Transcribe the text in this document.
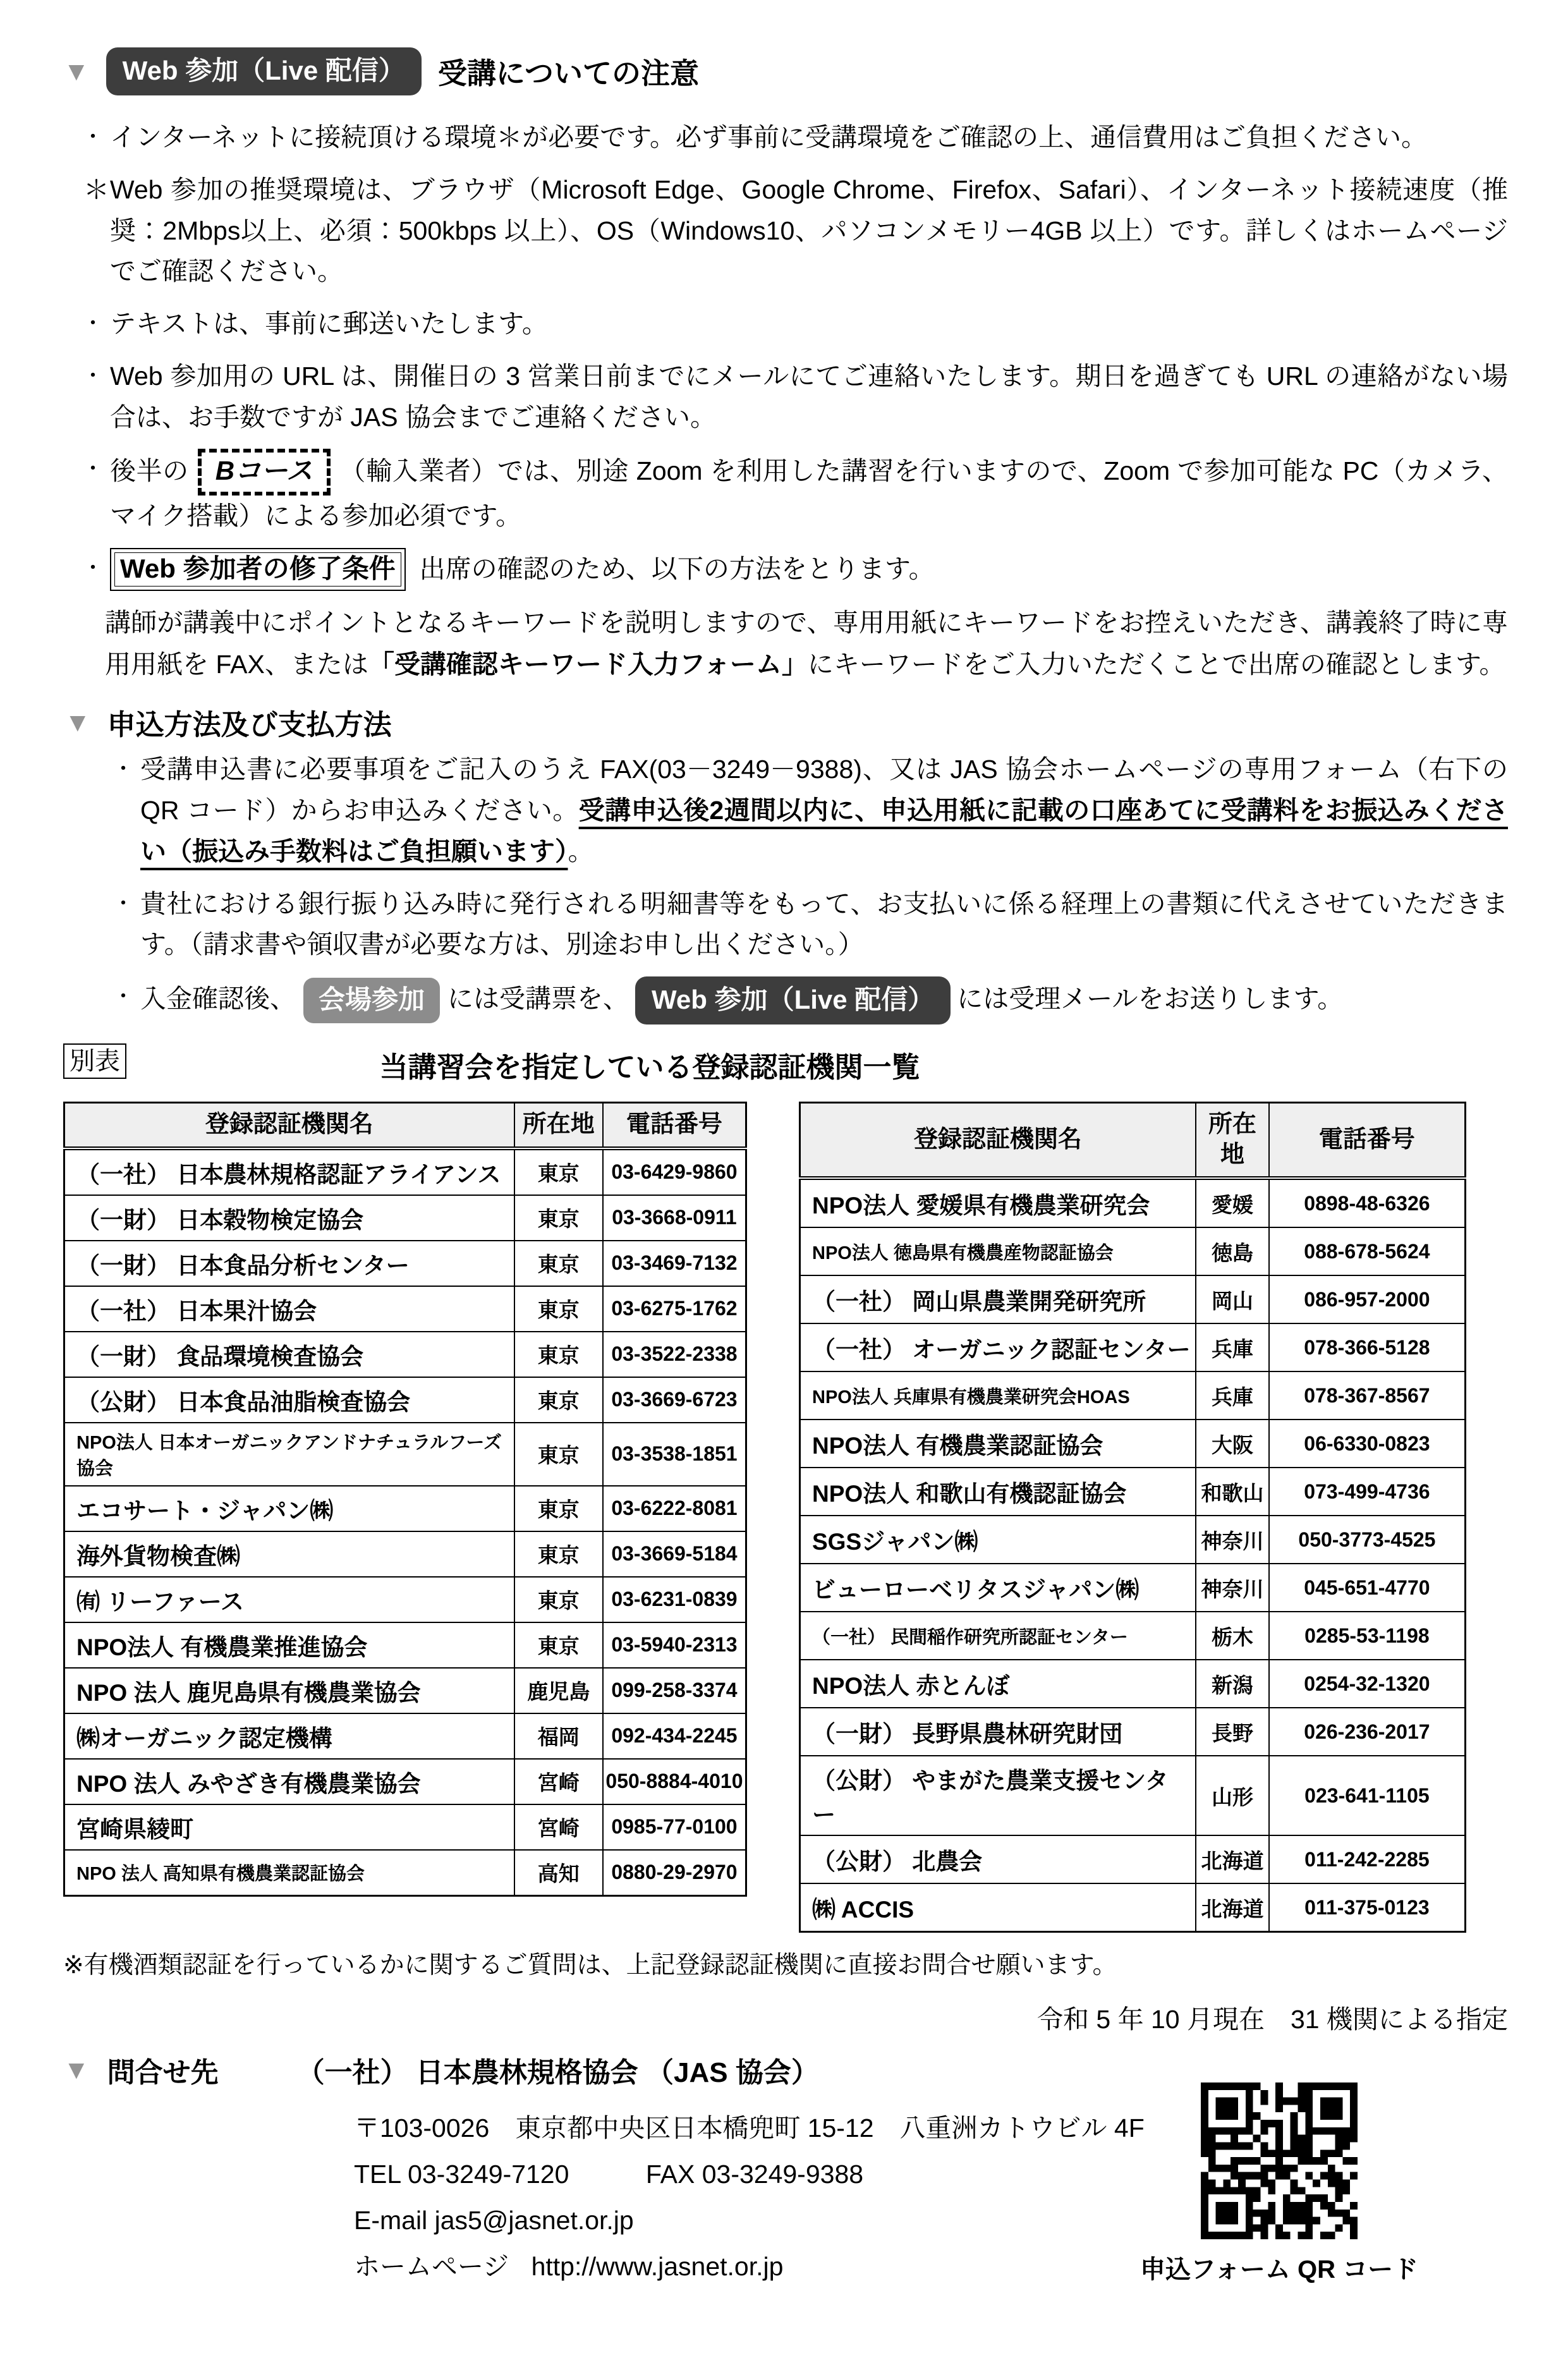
▼	Web 参加（Live 配信）	受講についての注意
・ インターネットに接続頂ける環境＊が必要です。必ず事前に受講環境をご確認の上、通信費用はご負担ください。
＊Web 参加の推奨環境は、ブラウザ（Microsoft Edge、Google Chrome、Firefox、Safari）、インターネット接続速度（推奨：2Mbps以上、必須：500kbps 以上）、OS（Windows10、パソコンメモリー4GB 以上）です。詳しくはホームページでご確認ください。
・ テキストは、事前に郵送いたします。
・ Web 参加用の URL は、開催日の 3 営業日前までにメールにてご連絡いたします。期日を過ぎても URL の連絡がない場合は、お手数ですが JAS 協会までご連絡ください。
・ 後半の Bコース （輸入業者）では、別途 Zoom を利用した講習を行いますので、Zoom で参加可能な PC（カメラ、マイク搭載）による参加必須です。
・ Web 参加者の修了条件 出席の確認のため、以下の方法をとります。

講師が講義中にポイントとなるキーワードを説明しますので、専用用紙にキーワードをお控えいただき、講義終了時に専用用紙を FAX、または「受講確認キーワード入力フォーム」にキーワードをご入力いただくことで出席の確認とします。

▼ 申込方法及び支払方法
・ 受講申込書に必要事項をご記入のうえ FAX(03－3249－9388)、又は JAS 協会ホームページの専用フォーム（右下の QR コード）からお申込みください。受講申込後2週間以内に、申込用紙に記載の口座あてに受講料をお振込みください（振込み手数料はご負担願います）。
・ 貴社における銀行振り込み時に発行される明細書等をもって、お支払いに係る経理上の書類に代えさせていただきます。（請求書や領収書が必要な方は、別途お申し出ください。）
・ 入金確認後、 会場参加 には受講票を、 Web 参加（Live 配信） には受理メールをお送りします。
別表	当講習会を指定している登録認証機関一覧
登録認証機関名	所在地	電話番号
（一社） 日本農林規格認証アライアンス	東京	03-6429-9860
（一財） 日本穀物検定協会	東京	03-3668-0911
（一財） 日本食品分析センター	東京	03-3469-7132
（一社） 日本果汁協会	東京	03-6275-1762
（一財） 食品環境検査協会	東京	03-3522-2338
（公財） 日本食品油脂検査協会	東京	03-3669-6723
NPO法人 日本オーガニックアンドナチュラルフーズ協会	東京	03-3538-1851
エコサート・ジャパン㈱	東京	03-6222-8081
海外貨物検査㈱	東京	03-3669-5184
㈲ リーファース	東京	03-6231-0839
NPO法人 有機農業推進協会	東京	03-5940-2313
NPO 法人 鹿児島県有機農業協会	鹿児島	099-258-3374
㈱オーガニック認定機構	福岡	092-434-2245
NPO 法人 みやざき有機農業協会	宮崎	050-8884-4010
宮崎県綾町	宮崎	0985-77-0100
NPO 法人 高知県有機農業認証協会	高知	0880-29-2970
登録認証機関名	所在地	電話番号
NPO法人 愛媛県有機農業研究会	愛媛	0898-48-6326
NPO法人 徳島県有機農産物認証協会	徳島	088-678-5624
（一社） 岡山県農業開発研究所	岡山	086-957-2000
（一社） オーガニック認証センター	兵庫	078-366-5128
NPO法人 兵庫県有機農業研究会HOAS	兵庫	078-367-8567
NPO法人 有機農業認証協会	大阪	06-6330-0823
NPO法人 和歌山有機認証協会	和歌山	073-499-4736
SGSジャパン㈱	神奈川	050-3773-4525
ビューローベリタスジャパン㈱	神奈川	045-651-4770
（一社） 民間稲作研究所認証センター	栃木	0285-53-1198
NPO法人 赤とんぼ	新潟	0254-32-1320
（一財） 長野県農林研究財団	長野	026-236-2017
（公財） やまがた農業支援センター	山形	023-641-1105
（公財） 北農会	北海道	011-242-2285
㈱ ACCIS	北海道	011-375-0123

※有機酒類認証を行っているかに関するご質問は、上記登録認証機関に直接お問合せ願います。

令和 5 年 10 月現在　31 機関による指定

▼ 問合せ先	（一社） 日本農林規格協会 （JAS 協会）
〒103-0026　東京都中央区日本橋兜町 15-12　八重洲カトウビル 4F
TEL 03-3249-7120	FAX 03-3249-9388
E-mail jas5@jasnet.or.jp
ホームページ http://www.jasnet.or.jp	申込フォーム QR コード
